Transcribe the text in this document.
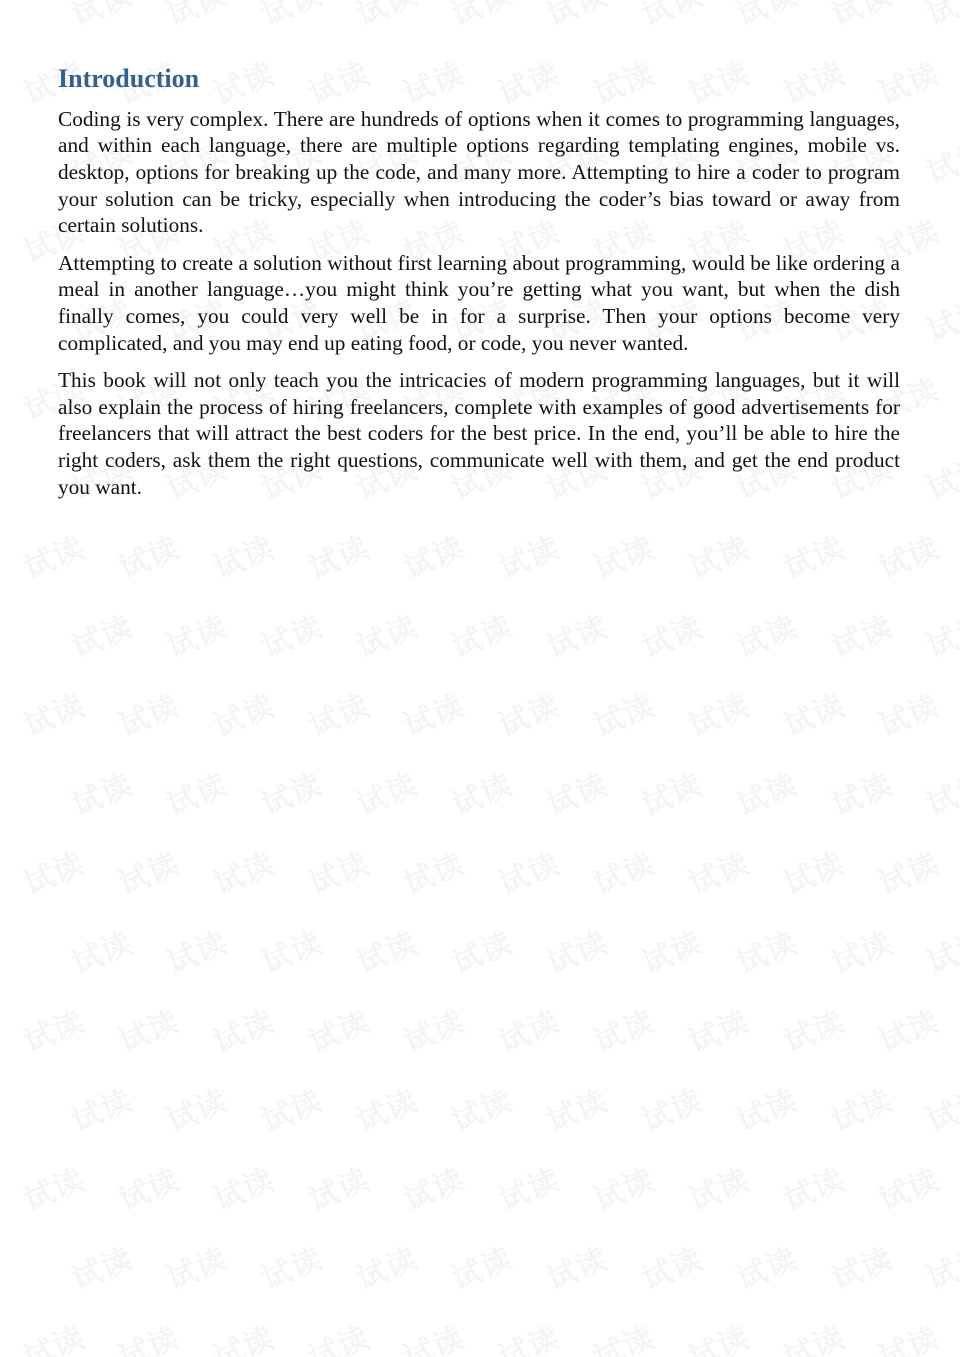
Introduction

Coding is very complex. There are hundreds of options when it comes to programming languages, and within each language, there are multiple options regarding templating engines, mobile vs. desktop, options for breaking up the code, and many more. Attempting to hire a coder to program your solution can be tricky, especially when introducing the coder’s bias toward or away from certain solutions.

Attempting to create a solution without first learning about programming, would be like ordering a meal in another language…you might think you’re getting what you want, but when the dish finally comes, you could very well be in for a surprise. Then your options become very complicated, and you may end up eating food, or code, you never wanted.

This book will not only teach you the intricacies of modern programming languages, but it will also explain the process of hiring freelancers, complete with examples of good advertisements for freelancers that will attract the best coders for the best price. In the end, you’ll be able to hire the right coders, ask them the right questions, communicate well with them, and get the end product you want.
